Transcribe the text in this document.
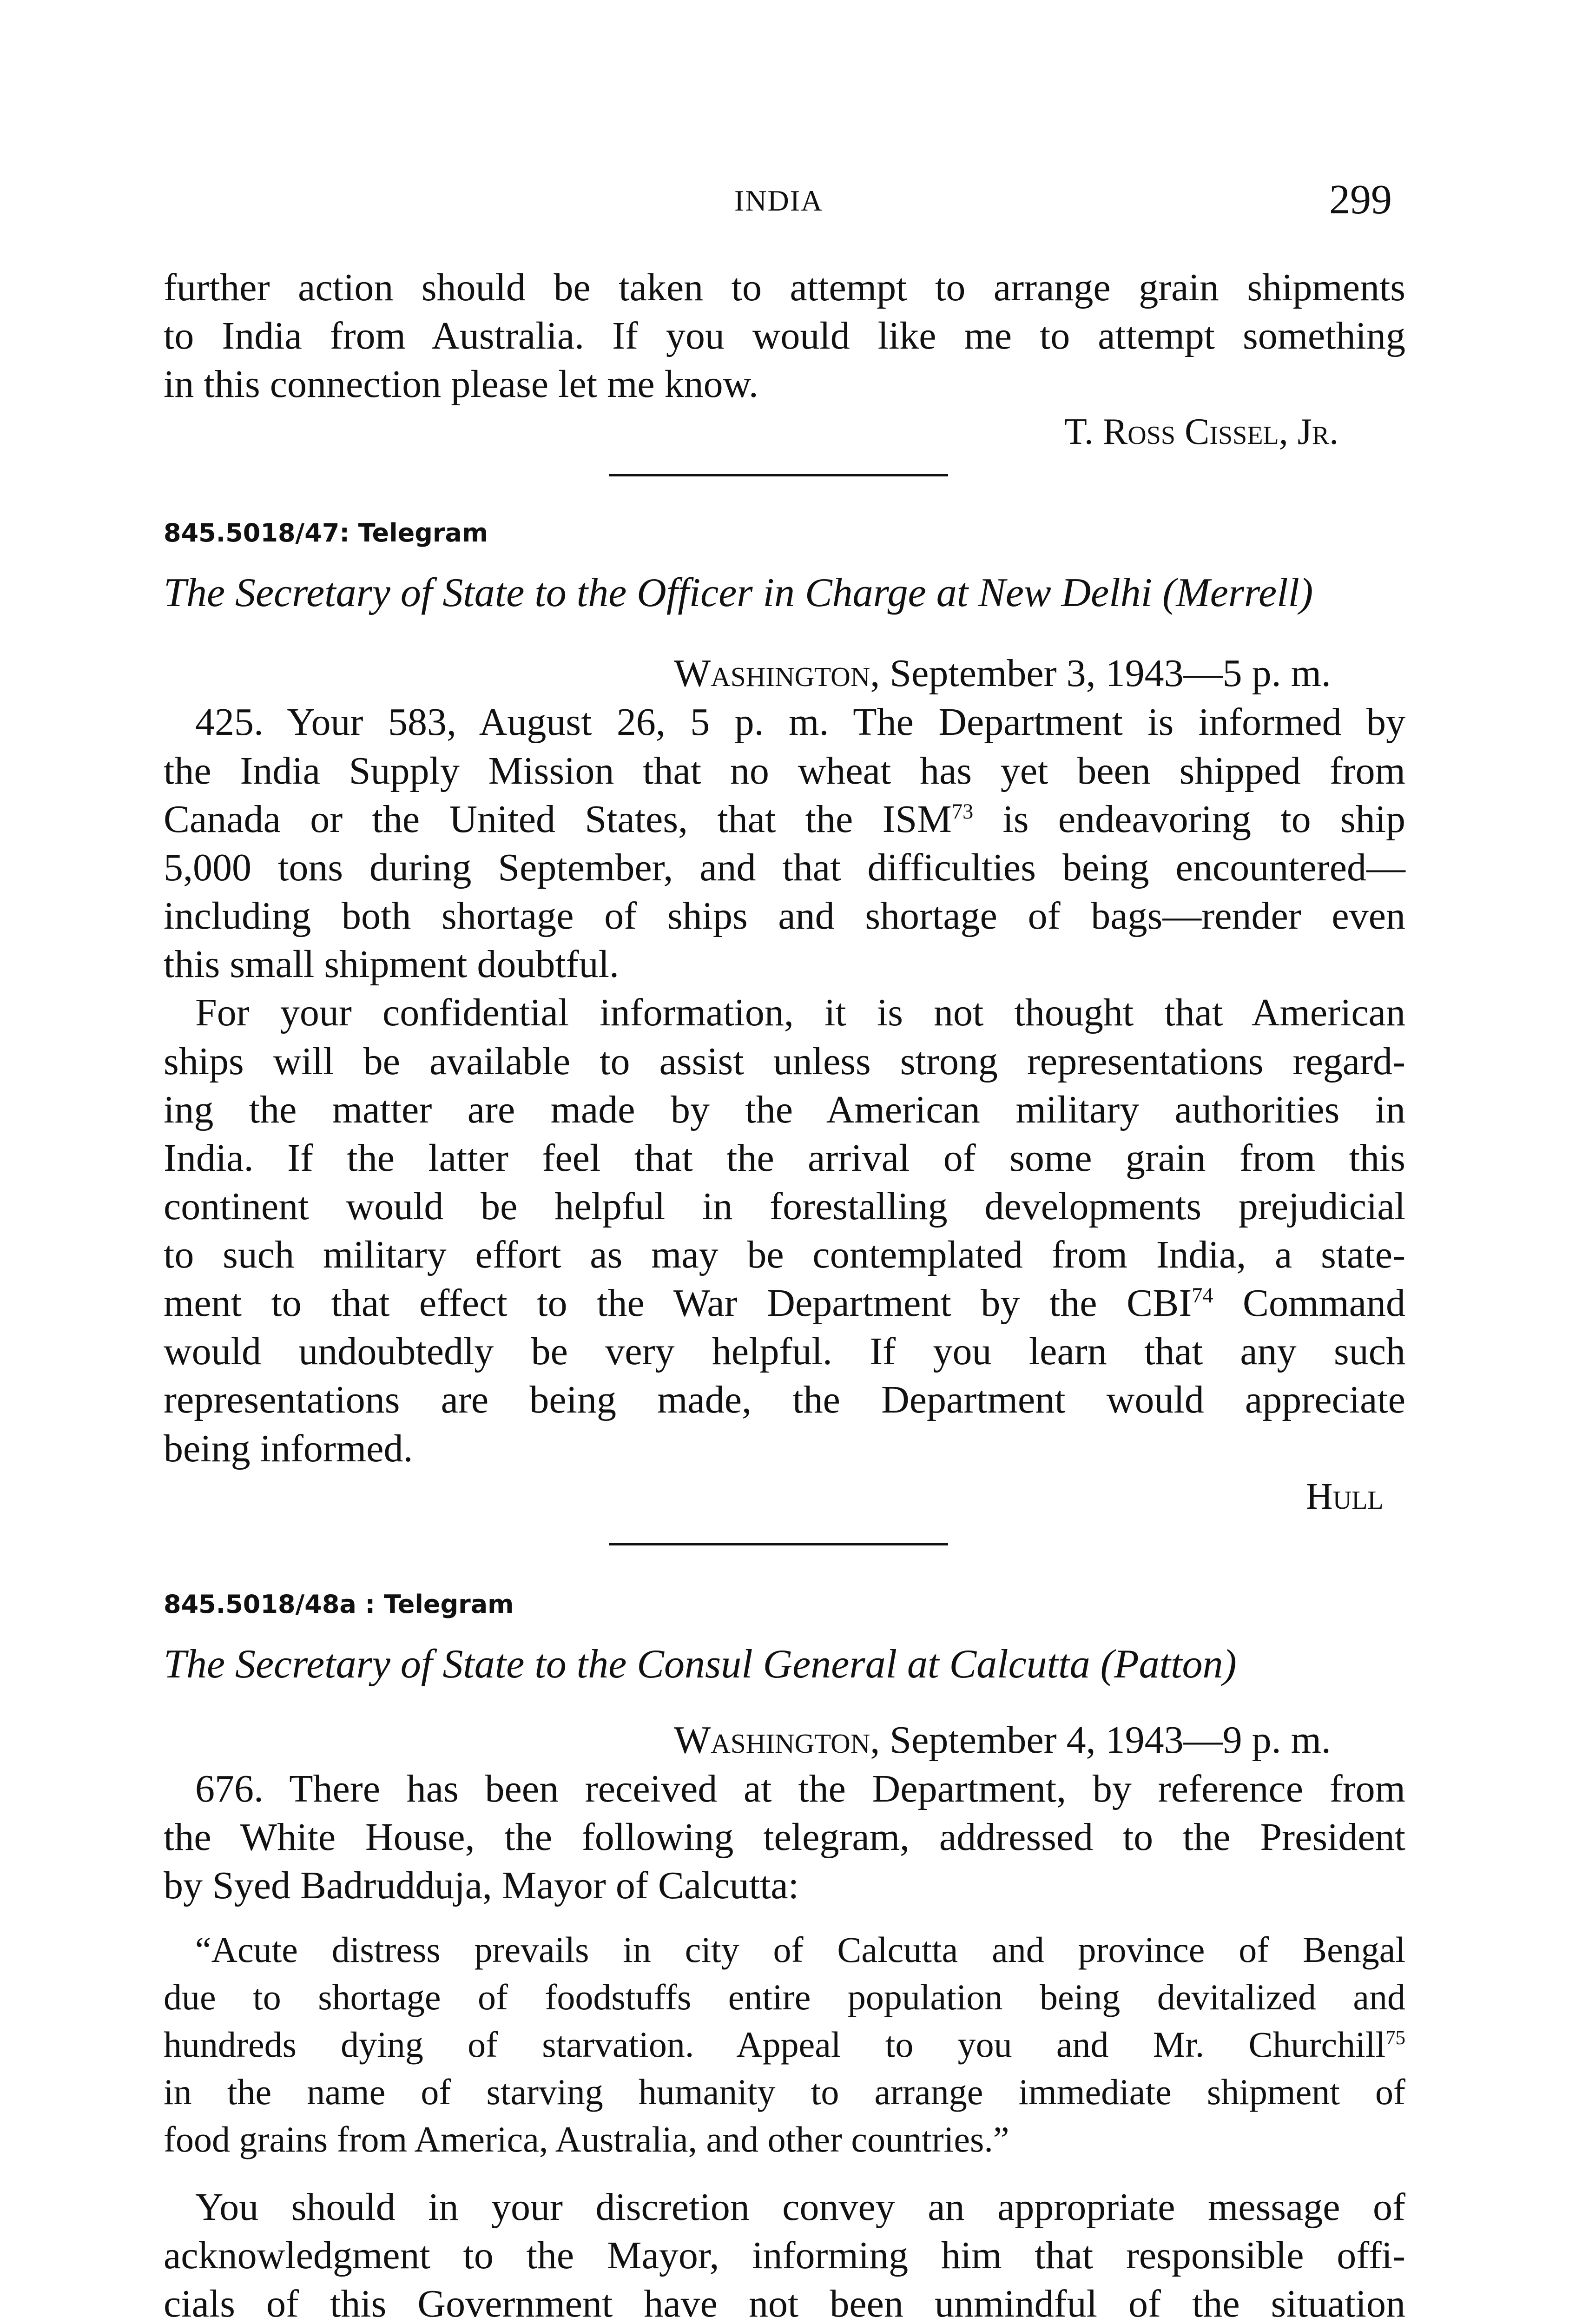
INDIA	299
further action should be taken to attempt to arrange grain shipments
to India from Australia. If you would like me to attempt something
in this connection please let me know.
T. Ross Cissel, Jr.
845.5018/47: Telegram
The Secretary of State to the Officer in Charge at New Delhi (Merrell)
Washington, September 3, 1943—5 p. m.
425. Your 583, August 26, 5 p. m. The Department is informed by
the India Supply Mission that no wheat has yet been shipped from
Canada or the United States, that the ISM$^{73}$ is endeavoring to ship
5,000 tons during September, and that difficulties being encountered—
including both shortage of ships and shortage of bags—render even
this small shipment doubtful.
For your confidential information, it is not thought that American
ships will be available to assist unless strong representations regard-
ing the matter are made by the American military authorities in
India. If the latter feel that the arrival of some grain from this
continent would be helpful in forestalling developments prejudicial
to such military effort as may be contemplated from India, a state-
ment to that effect to the War Department by the CBI$^{74}$ Command
would undoubtedly be very helpful. If you learn that any such
representations are being made, the Department would appreciate
being informed.
Hull
845.5018/48a : Telegram
The Secretary of State to the Consul General at Calcutta (Patton)
Washington, September 4, 1943—9 p. m.
676. There has been received at the Department, by reference from
the White House, the following telegram, addressed to the President
by Syed Badrudduja, Mayor of Calcutta:
“Acute distress prevails in city of Calcutta and province of Bengal
due to shortage of foodstuffs entire population being devitalized and
hundreds dying of starvation. Appeal to you and Mr. Churchill$^{75}$
in the name of starving humanity to arrange immediate shipment of
food grains from America, Australia, and other countries.”
You should in your discretion convey an appropriate message of
acknowledgment to the Mayor, informing him that responsible offi-
cials of this Government have not been unmindful of the situation
